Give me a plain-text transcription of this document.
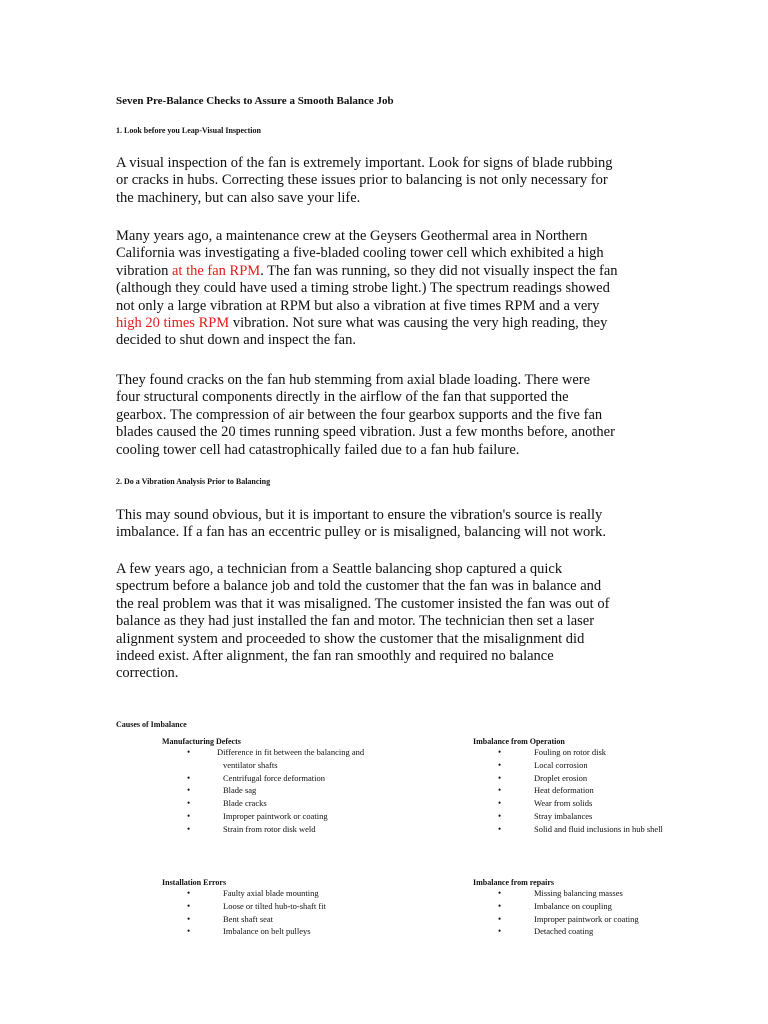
Seven Pre-Balance Checks to Assure a Smooth Balance Job
1. Look before you Leap-Visual Inspection
A visual inspection of the fan is extremely important. Look for signs of blade rubbing
or cracks in hubs. Correcting these issues prior to balancing is not only necessary for
the machinery, but can also save your life.
Many years ago, a maintenance crew at the Geysers Geothermal area in Northern
California was investigating a five-bladed cooling tower cell which exhibited a high
vibration at the fan RPM. The fan was running, so they did not visually inspect the fan
(although they could have used a timing strobe light.) The spectrum readings showed
not only a large vibration at RPM but also a vibration at five times RPM and a very
high 20 times RPM vibration. Not sure what was causing the very high reading, they
decided to shut down and inspect the fan.
They found cracks on the fan hub stemming from axial blade loading. There were
four structural components directly in the airflow of the fan that supported the
gearbox. The compression of air between the four gearbox supports and the five fan
blades caused the 20 times running speed vibration. Just a few months before, another
cooling tower cell had catastrophically failed due to a fan hub failure.
2. Do a Vibration Analysis Prior to Balancing
This may sound obvious, but it is important to ensure the vibration's source is really
imbalance. If a fan has an eccentric pulley or is misaligned, balancing will not work.
A few years ago, a technician from a Seattle balancing shop captured a quick
spectrum before a balance job and told the customer that the fan was in balance and
the real problem was that it was misaligned. The customer insisted the fan was out of
balance as they had just installed the fan and motor. The technician then set a laser
alignment system and proceeded to show the customer that the misalignment did
indeed exist. After alignment, the fan ran smoothly and required no balance
correction.
Causes of Imbalance
Manufacturing Defects
•	Difference in fit between the balancing and
ventilator shafts
•	Centrifugal force deformation
•	Blade sag
•	Blade cracks
•	Improper paintwork or coating
•	Strain from rotor disk weld
Imbalance from Operation
•	Fouling on rotor disk
•	Local corrosion
•	Droplet erosion
•	Heat deformation
•	Wear from solids
•	Stray imbalances
•	Solid and fluid inclusions in hub shell
Installation Errors
•	Faulty axial blade mounting
•	Loose or tilted hub-to-shaft fit
•	Bent shaft seat
•	Imbalance on belt pulleys
Imbalance from repairs
•	Missing balancing masses
•	Imbalance on coupling
•	Improper paintwork or coating
•	Detached coating
